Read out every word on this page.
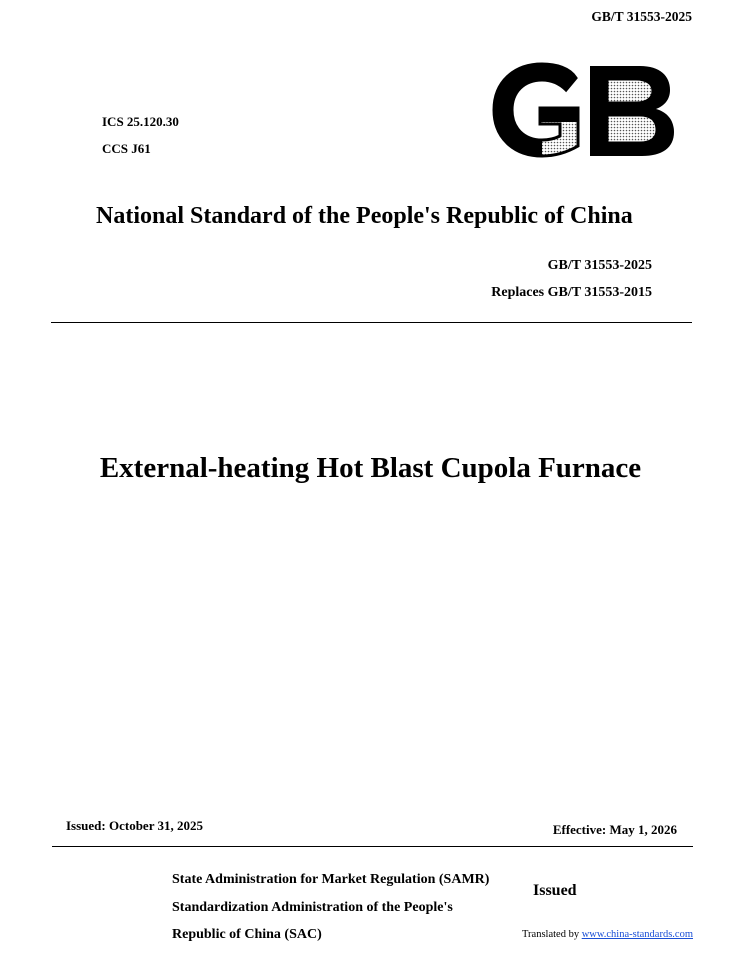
GB/T 31553-2025
ICS 25.120.30
CCS J61
National Standard of the People's Republic of China
GB/T 31553-2025
Replaces GB/T 31553-2015
External-heating Hot Blast Cupola Furnace
Issued: October 31, 2025	Effective: May 1, 2026
State Administration for Market Regulation (SAMR)
Standardization Administration of the People's
Republic of China (SAC)
Issued
Translated by www.china-standards.com
